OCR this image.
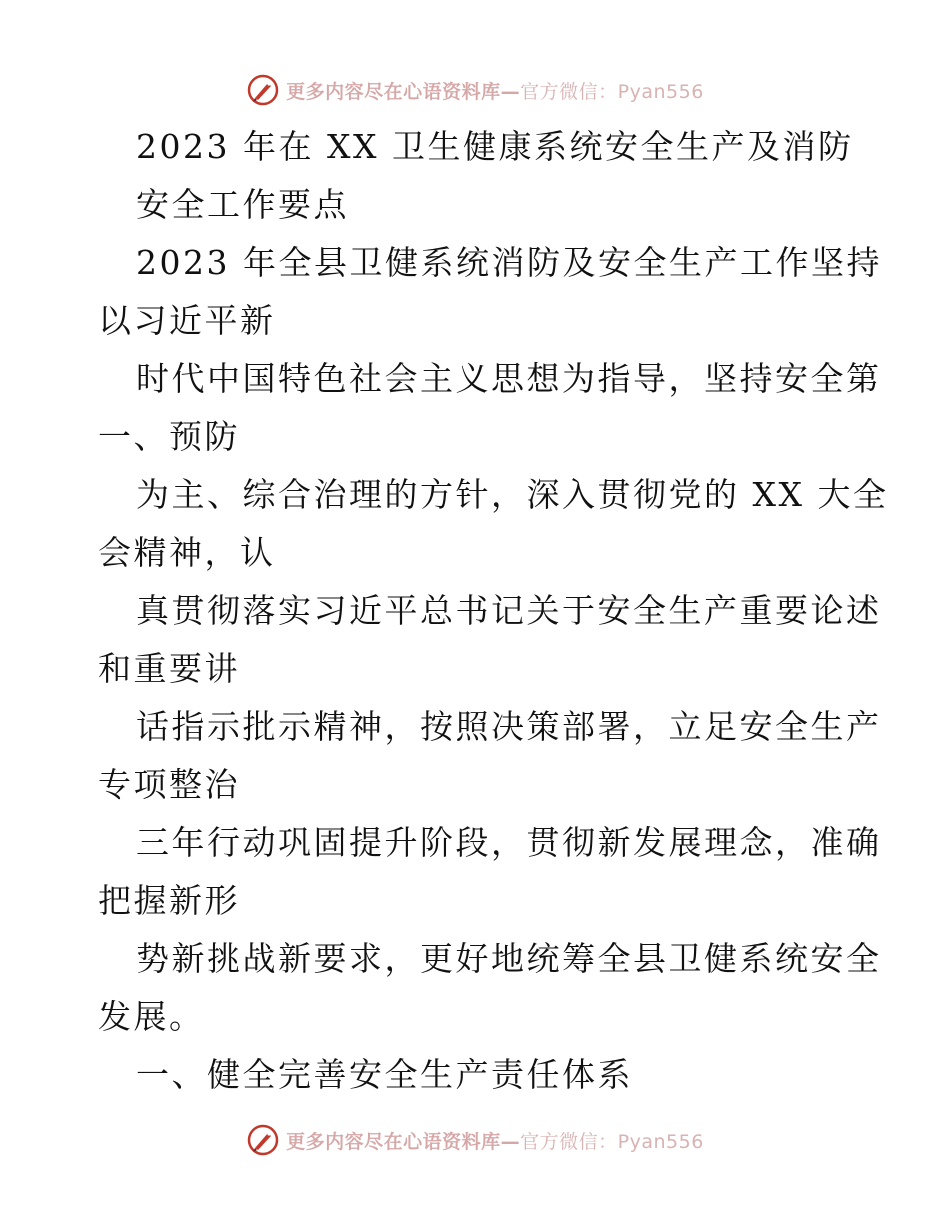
更多内容尽在心语资料库—官方微信：Pyan556
2023 年在 XX 卫生健康系统安全生产及消防
安全工作要点
2023 年全县卫健系统消防及安全生产工作坚持
以习近平新
时代中国特色社会主义思想为指导，坚持安全第
一、预防
为主、综合治理的方针，深入贯彻党的 XX 大全
会精神，认
真贯彻落实习近平总书记关于安全生产重要论述
和重要讲
话指示批示精神，按照决策部署，立足安全生产
专项整治
三年行动巩固提升阶段，贯彻新发展理念，准确
把握新形
势新挑战新要求，更好地统筹全县卫健系统安全
发展。
一、健全完善安全生产责任体系
更多内容尽在心语资料库—官方微信：Pyan556
